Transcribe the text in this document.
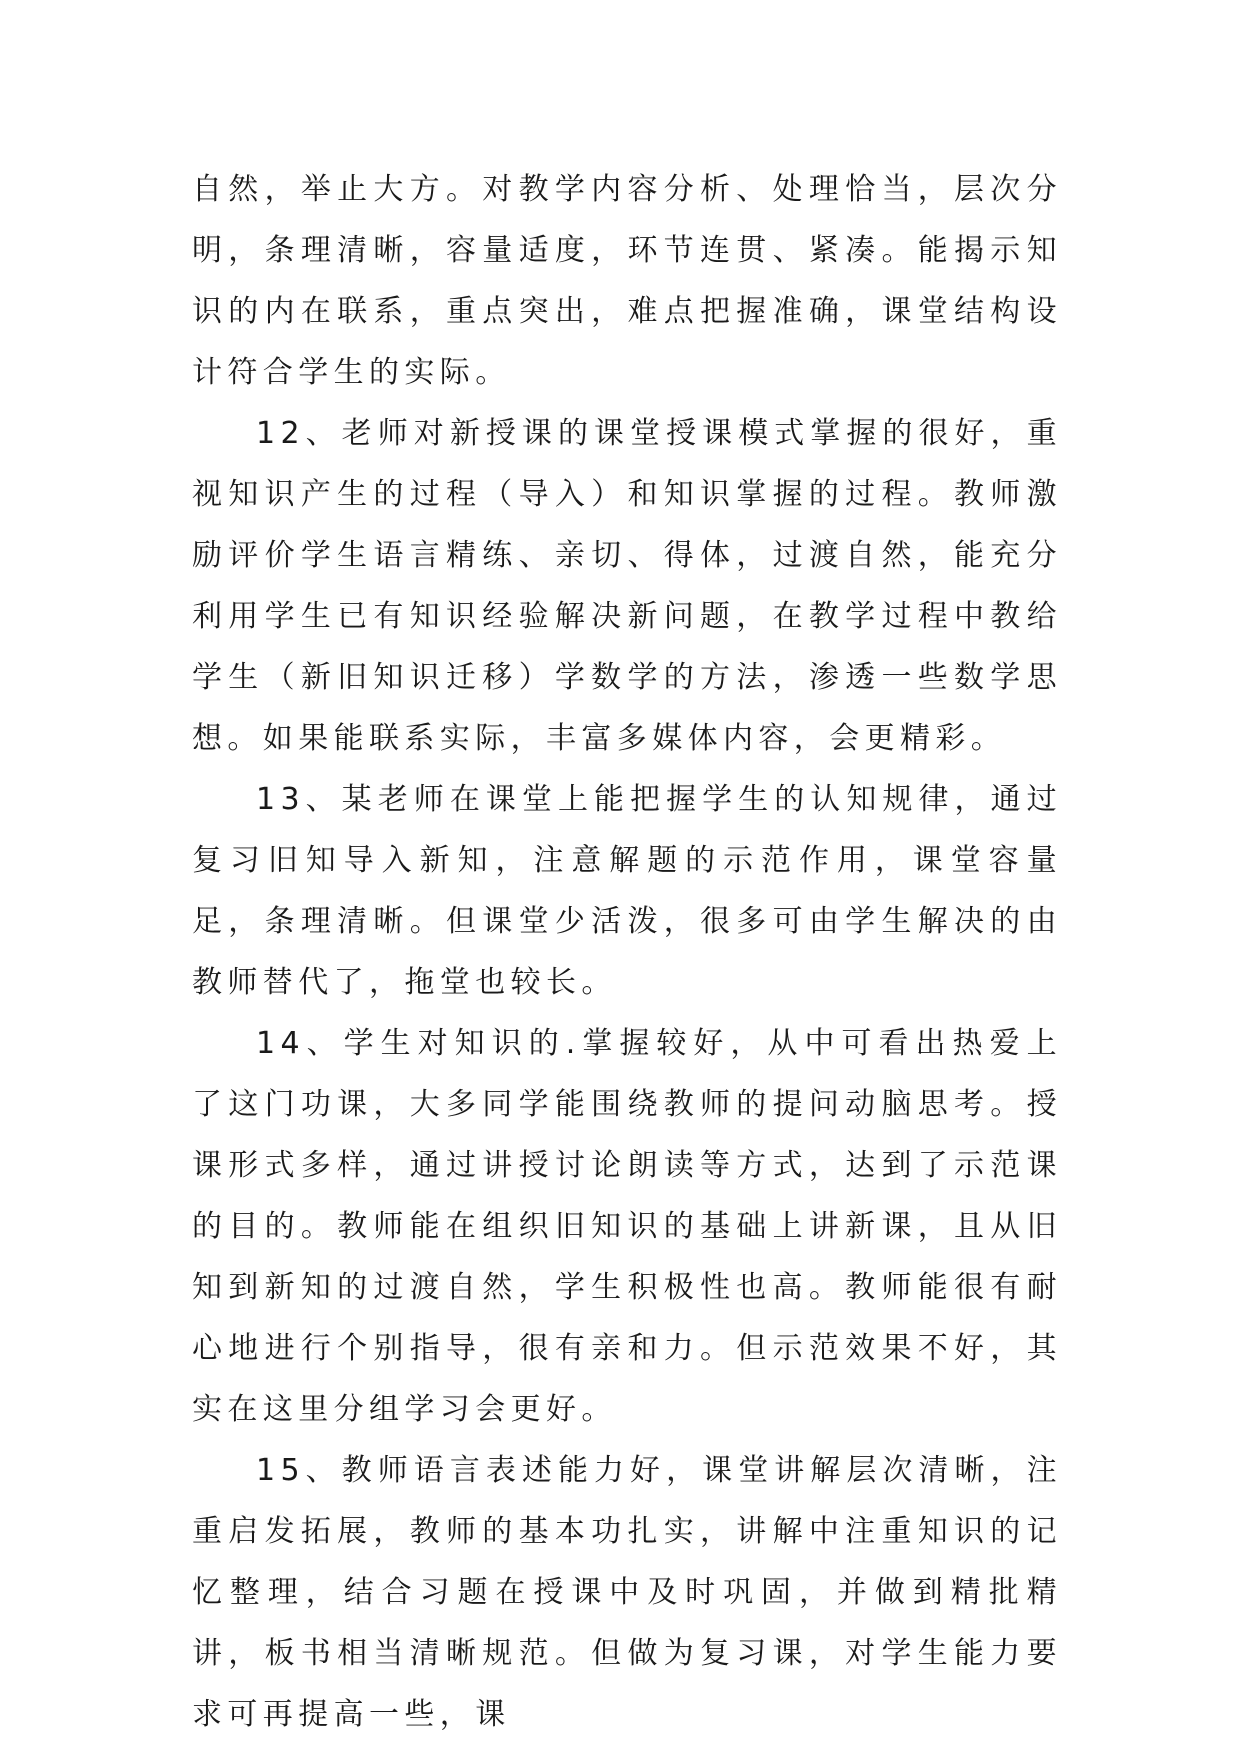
自然，举止大方。对教学内容分析、处理恰当，层次分明，条理清晰，容量适度，环节连贯、紧凑。能揭示知识的内在联系，重点突出，难点把握准确，课堂结构设计符合学生的实际。

12、老师对新授课的课堂授课模式掌握的很好，重视知识产生的过程（导入）和知识掌握的过程。教师激励评价学生语言精练、亲切、得体，过渡自然，能充分利用学生已有知识经验解决新问题，在教学过程中教给学生（新旧知识迁移）学数学的方法，渗透一些数学思想。如果能联系实际，丰富多媒体内容，会更精彩。

13、某老师在课堂上能把握学生的认知规律，通过复习旧知导入新知，注意解题的示范作用，课堂容量足，条理清晰。但课堂少活泼，很多可由学生解决的由教师替代了，拖堂也较长。

14、学生对知识的.掌握较好，从中可看出热爱上了这门功课，大多同学能围绕教师的提问动脑思考。授课形式多样，通过讲授讨论朗读等方式，达到了示范课的目的。教师能在组织旧知识的基础上讲新课，且从旧知到新知的过渡自然，学生积极性也高。教师能很有耐心地进行个别指导，很有亲和力。但示范效果不好，其实在这里分组学习会更好。

15、教师语言表述能力好，课堂讲解层次清晰，注重启发拓展，教师的基本功扎实，讲解中注重知识的记忆整理，结合习题在授课中及时巩固，并做到精批精讲，板书相当清晰规范。但做为复习课，对学生能力要求可再提高一些，课
